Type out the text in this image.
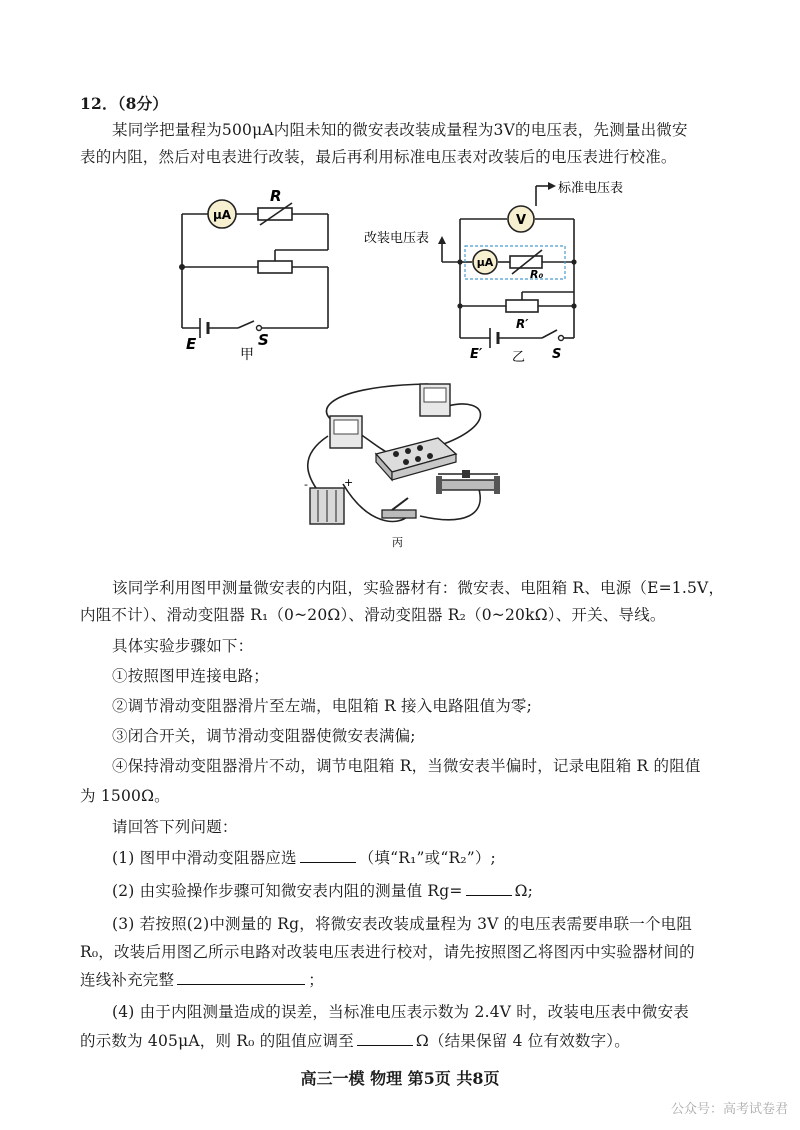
12．（8分）
某同学把量程为500μA内阻未知的微安表改装成量程为3V的电压表，先测量出微安
表的内阻，然后对电表进行改装，最后再利用标准电压表对改装后的电压表进行校准。
μA
R
E	S
甲
V
μA
标准电压表
改装电压表
R₀
R′
E′	S
乙
-	+
丙
该同学利用图甲测量微安表的内阻，实验器材有：微安表、电阻箱 R、电源（E=1.5V，
内阻不计）、滑动变阻器 R₁（0~20Ω）、滑动变阻器 R₂（0~20kΩ）、开关、导线。
具体实验步骤如下：
①按照图甲连接电路；
②调节滑动变阻器滑片至左端，电阻箱 R 接入电路阻值为零;
③闭合开关，调节滑动变阻器使微安表满偏;
④保持滑动变阻器滑片不动，调节电阻箱 R，当微安表半偏时，记录电阻箱 R 的阻值
为 1500Ω。
请回答下列问题：
(1) 图甲中滑动变阻器应选	（填“R₁”或“R₂”）;
(2) 由实验操作步骤可知微安表内阻的测量值 Rg=	Ω;
(3) 若按照(2)中测量的 Rg，将微安表改装成量程为 3V 的电压表需要串联一个电阻
R₀，改装后用图乙所示电路对改装电压表进行校对，请先按照图乙将图丙中实验器材间的
连线补充完整	；
(4) 由于内阻测量造成的误差，当标准电压表示数为 2.4V 时，改装电压表中微安表
的示数为 405μA，则 R₀ 的阻值应调至	Ω（结果保留 4 位有效数字）。
高三一模 物理 第5页 共8页
公众号：高考试卷君
